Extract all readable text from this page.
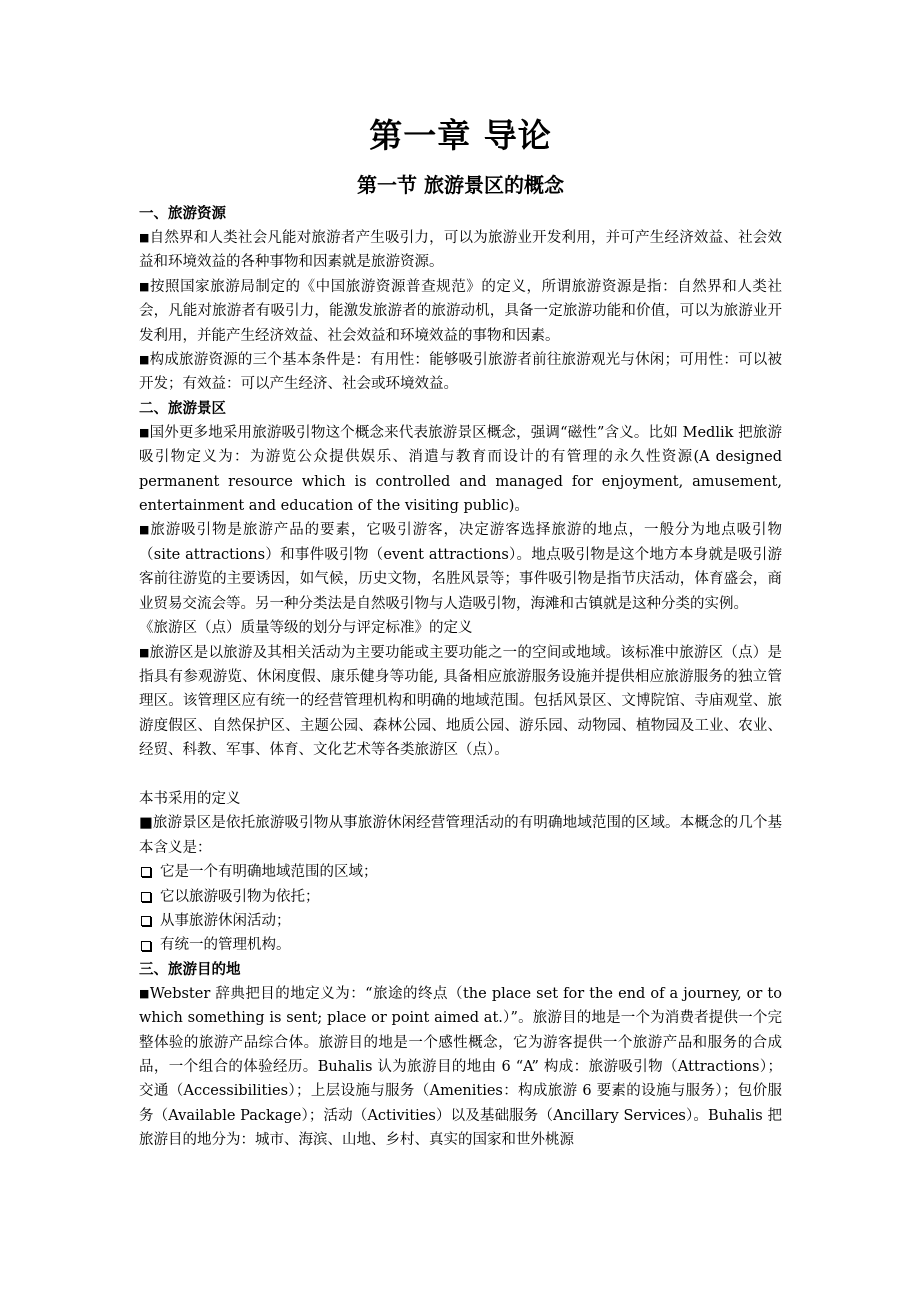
第一章 导论
第一节 旅游景区的概念
一、旅游资源

■自然界和人类社会凡能对旅游者产生吸引力，可以为旅游业开发利用，并可产生经济效益、社会效益和环境效益的各种事物和因素就是旅游资源。

■按照国家旅游局制定的《中国旅游资源普查规范》的定义，所谓旅游资源是指：自然界和人类社会，凡能对旅游者有吸引力，能激发旅游者的旅游动机，具备一定旅游功能和价值，可以为旅游业开发利用，并能产生经济效益、社会效益和环境效益的事物和因素。

■构成旅游资源的三个基本条件是：有用性：能够吸引旅游者前往旅游观光与休闲；可用性：可以被开发；有效益：可以产生经济、社会或环境效益。

二、旅游景区

■国外更多地采用旅游吸引物这个概念来代表旅游景区概念，强调“磁性”含义。比如 Medlik 把旅游吸引物定义为：为游览公众提供娱乐、消遣与教育而设计的有管理的永久性资源(A designed permanent resource which is controlled and managed for enjoyment, amusement, entertainment and education of the visiting public)。

■旅游吸引物是旅游产品的要素，它吸引游客，决定游客选择旅游的地点，一般分为地点吸引物（site attractions）和事件吸引物（event attractions）。地点吸引物是这个地方本身就是吸引游客前往游览的主要诱因，如气候，历史文物，名胜风景等；事件吸引物是指节庆活动，体育盛会，商业贸易交流会等。另一种分类法是自然吸引物与人造吸引物，海滩和古镇就是这种分类的实例。

《旅游区（点）质量等级的划分与评定标准》的定义

■旅游区是以旅游及其相关活动为主要功能或主要功能之一的空间或地域。该标准中旅游区（点）是指具有参观游览、休闲度假、康乐健身等功能, 具备相应旅游服务设施并提供相应旅游服务的独立管理区。该管理区应有统一的经营管理机构和明确的地域范围。包括风景区、文博院馆、寺庙观堂、旅游度假区、自然保护区、主题公园、森林公园、地质公园、游乐园、动物园、植物园及工业、农业、经贸、科教、军事、体育、文化艺术等各类旅游区（点）。

本书采用的定义

■旅游景区是依托旅游吸引物从事旅游休闲经营管理活动的有明确地域范围的区域。本概念的几个基本含义是：

它是一个有明确地域范围的区域；
它以旅游吸引物为依托；
从事旅游休闲活动；
有统一的管理机构。
三、旅游目的地

■Webster 辞典把目的地定义为：“旅途的终点（the place set for the end of a journey, or to which something is sent; place or point aimed at.）”。旅游目的地是一个为消费者提供一个完整体验的旅游产品综合体。旅游目的地是一个感性概念，它为游客提供一个旅游产品和服务的合成品，一个组合的体验经历。Buhalis 认为旅游目的地由 6 “A” 构成：旅游吸引物（Attractions）；交通（Accessibilities）；上层设施与服务（Amenities：构成旅游 6 要素的设施与服务）；包价服务（Available Package）；活动（Activities）以及基础服务（Ancillary Services）。Buhalis 把旅游目的地分为：城市、海滨、山地、乡村、真实的国家和世外桃源
